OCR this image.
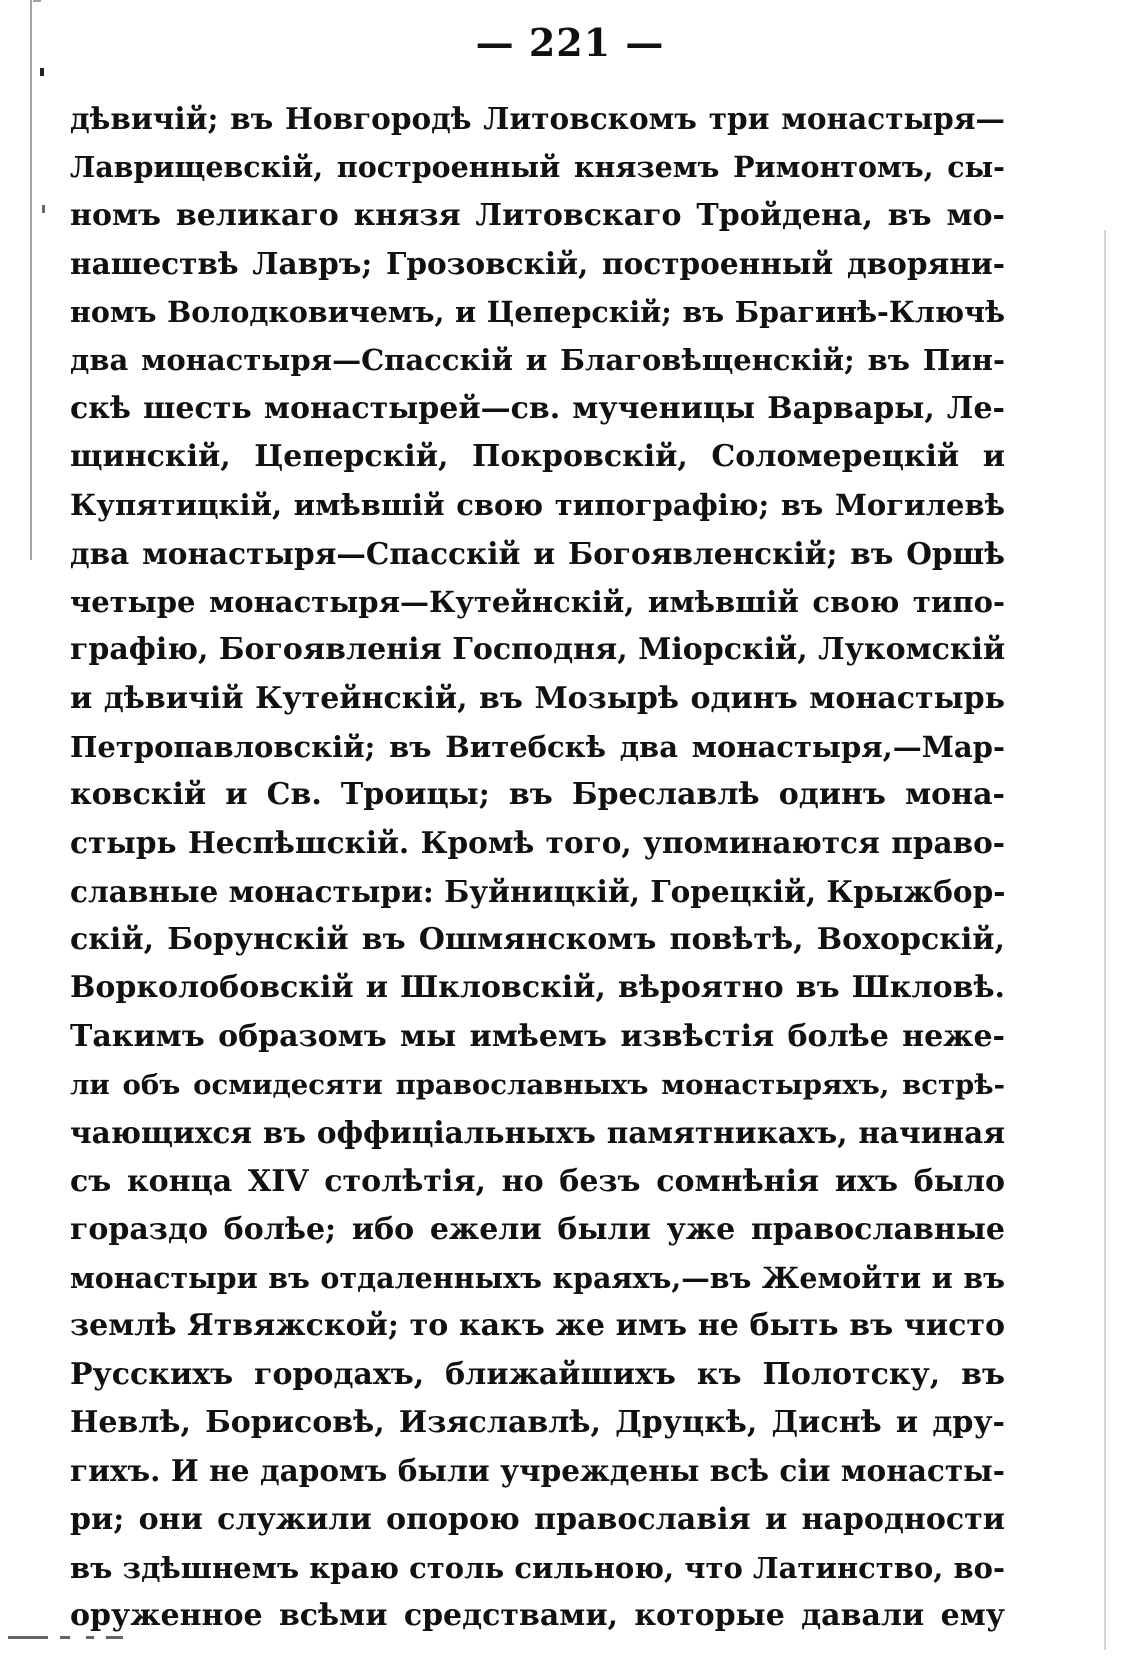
— 221 —
дѣвичій; въ Новгородѣ Литовскомъ три монастыря—
Лаврищевскій, построенный княземъ Римонтомъ, сы-
номъ великаго князя Литовскаго Тройдена, въ мо-
нашествѣ Лавръ; Грозовскій, построенный дворяни-
номъ Володковичемъ, и Цеперскій; въ Брагинѣ-Ключѣ
два монастыря—Спасскій и Благовѣщенскій; въ Пин-
скѣ шесть монастырей—св. мученицы Варвары, Ле-
щинскій, Цеперскій, Покровскій, Соломерецкій и
Купятицкій, имѣвшій свою типографію; въ Могилевѣ
два монастыря—Спасскій и Богоявленскій; въ Оршѣ
четыре монастыря—Кутейнскій, имѣвшій свою типо-
графію, Богоявленія Господня, Міорскій, Лукомскій
и дѣвичій Кутейнскій, въ Мозырѣ одинъ монастырь
Петропавловскій; въ Витебскѣ два монастыря,—Мар-
ковскій и Св. Троицы; въ Бреславлѣ одинъ мона-
стырь Неспѣшскій. Кромѣ того, упоминаются право-
славные монастыри: Буйницкій, Горецкій, Крыжбор-
скій, Борунскій въ Ошмянскомъ повѣтѣ, Вохорскій,
Ворколобовскій и Шкловскій, вѣроятно въ Шкловѣ.
Такимъ образомъ мы имѣемъ извѣстія болѣе неже-
ли объ осмидесяти православныхъ монастыряхъ, встрѣ-
чающихся въ оффиціальныхъ памятникахъ, начиная
съ конца XIV столѣтія, но безъ сомнѣнія ихъ было
гораздо болѣе; ибо ежели были уже православные
монастыри въ отдаленныхъ краяхъ,—въ Жемойти и въ
землѣ Ятвяжской; то какъ же имъ не быть въ чисто
Русскихъ городахъ, ближайшихъ къ Полотску, въ
Невлѣ, Борисовѣ, Изяславлѣ, Друцкѣ, Диснѣ и дру-
гихъ. И не даромъ были учреждены всѣ сіи монасты-
ри; они служили опорою православія и народности
въ здѣшнемъ краю столь сильною, что Латинство, во-
оруженное всѣми средствами, которые давали ему
